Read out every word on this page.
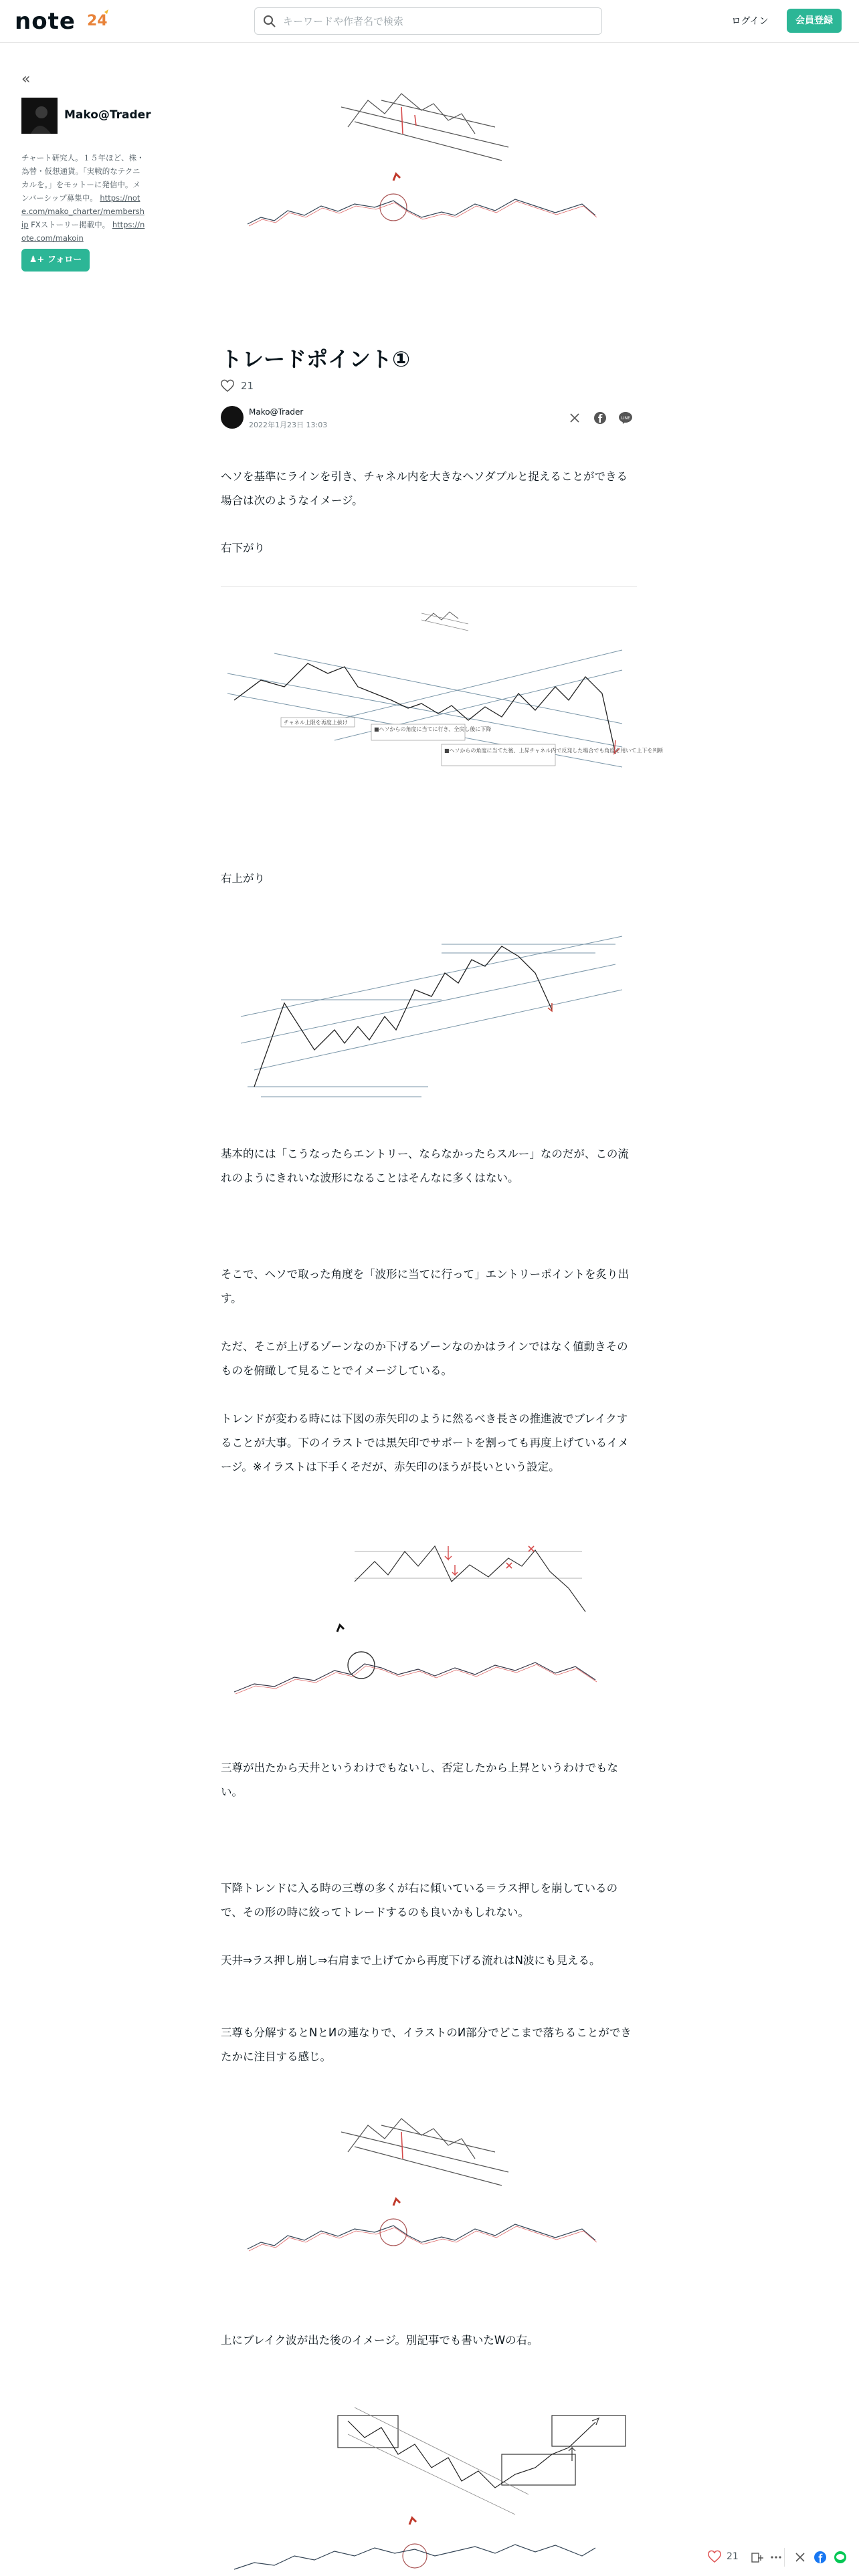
note 24
キーワードや作者名で検索	ログイン	会員登録
«
Mako@Trader
チャート研究人。１５年ほど、株・為替・仮想通貨。「実戦的なテクニカルを。」をモットーに発信中。メンバーシップ募集中。 https://note.com/mako_charter/membership FXストーリー掲載中。 https://note.com/makoin
♟+ フォロー
トレードポイント①
21
Mako@Trader
2022年1月23日 13:03
LINE
ヘソを基準にラインを引き、チャネル内を大きなヘソダブルと捉えることができる場合は次のようなイメージ。
右下がり
チャネル上限を再度上抜け
■ヘソからの角度に当てに行き、全戻し後に下降
■ヘソからの角度に当てた後、上昇チャネル内で反発した場合でも角度を用いて上下を判断
右上がり
基本的には「こうなったらエントリー、ならなかったらスルー」なのだが、この流れのようにきれいな波形になることはそんなに多くはない。
そこで、ヘソで取った角度を「波形に当てに行って」エントリーポイントを炙り出す。
ただ、そこが上げるゾーンなのか下げるゾーンなのかはラインではなく値動きそのものを俯瞰して見ることでイメージしている。
トレンドが変わる時には下図の赤矢印のように然るべき長さの推進波でブレイクすることが大事。下のイラストでは黒矢印でサポートを割っても再度上げているイメージ。※イラストは下手くそだが、赤矢印のほうが長いという設定。
三尊が出たから天井というわけでもないし、否定したから上昇というわけでもない。
下降トレンドに入る時の三尊の多くが右に傾いている＝ラス押しを崩しているので、その形の時に絞ってトレードするのも良いかもしれない。
天井⇒ラス押し崩し⇒右肩まで上げてから再度下げる流れはN波にも見える。
三尊も分解するとNとИの連なりで、イラストのИ部分でどこまで落ちることができたかに注目する感じ。
上にブレイク波が出た後のイメージ。別記事でも書いたWの右。
21
